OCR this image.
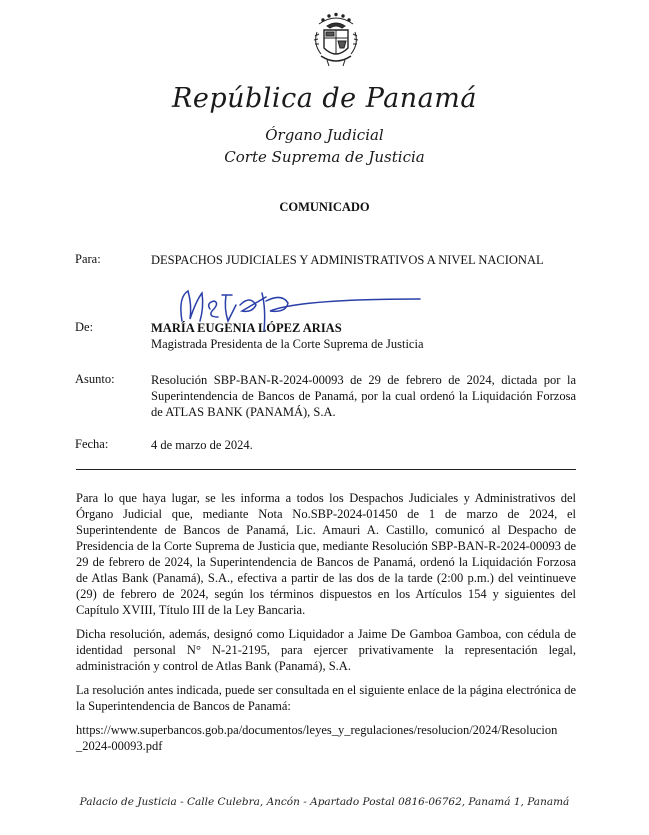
República de Panamá
Órgano Judicial
Corte Suprema de Justicia
COMUNICADO
Para:	DESPACHOS JUDICIALES Y ADMINISTRATIVOS A NIVEL NACIONAL
De:	MARÍA EUGENIA LÓPEZ ARIAS
Magistrada Presidenta de la Corte Suprema de Justicia
Asunto:	Resolución SBP-BAN-R-2024-00093 de 29 de febrero de 2024, dictada por la Superintendencia de Bancos de Panamá, por la cual ordenó la Liquidación Forzosa de ATLAS BANK (PANAMÁ), S.A.
Fecha:	4 de marzo de 2024.
Para lo que haya lugar, se les informa a todos los Despachos Judiciales y Administrativos del Órgano Judicial que, mediante Nota No.SBP-2024-01450 de 1 de marzo de 2024, el Superintendente de Bancos de Panamá, Lic. Amauri A. Castillo, comunicó al Despacho de Presidencia de la Corte Suprema de Justicia que, mediante Resolución SBP-BAN-R-2024-00093 de 29 de febrero de 2024, la Superintendencia de Bancos de Panamá, ordenó la Liquidación Forzosa de Atlas Bank (Panamá), S.A., efectiva a partir de las dos de la tarde (2:00 p.m.) del veintinueve (29) de febrero de 2024, según los términos dispuestos en los Artículos 154 y siguientes del Capítulo XVIII, Título III de la Ley Bancaria.
Dicha resolución, además, designó como Liquidador a Jaime De Gamboa Gamboa, con cédula de identidad personal N° N-21-2195, para ejercer privativamente la representación legal, administración y control de Atlas Bank (Panamá), S.A.
La resolución antes indicada, puede ser consultada en el siguiente enlace de la página electrónica de la Superintendencia de Bancos de Panamá:
https://www.superbancos.gob.pa/documentos/leyes_y_regulaciones/resolucion/2024/Resolucion
_2024-00093.pdf
Palacio de Justicia - Calle Culebra, Ancón - Apartado Postal 0816-06762, Panamá 1, Panamá
